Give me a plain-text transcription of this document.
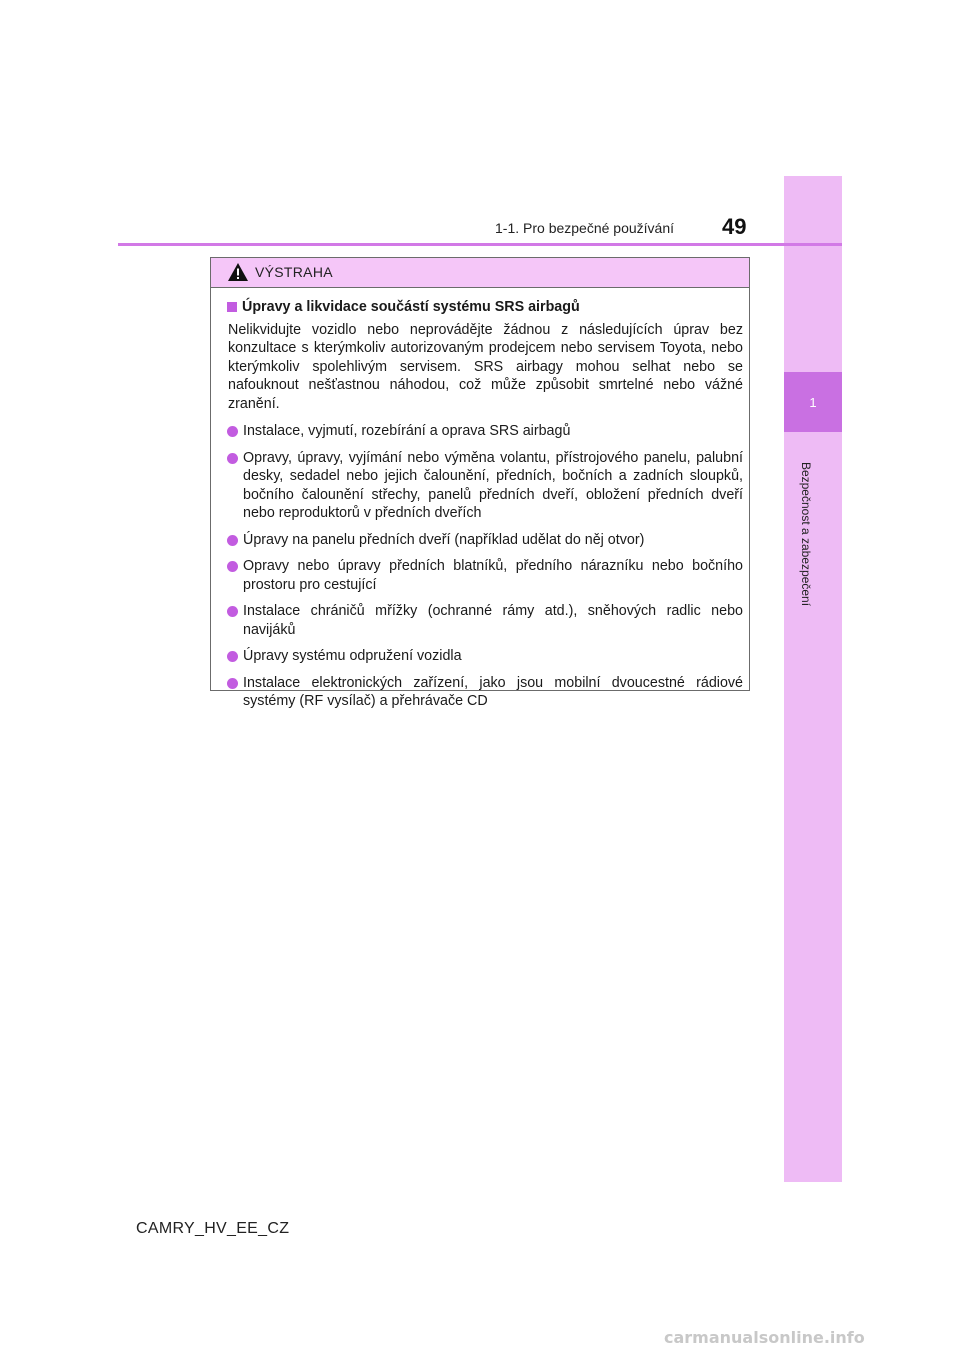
1
Bezpečnost a zabezpečení
1-1. Pro bezpečné používání 49
VÝSTRAHA
Úpravy a likvidace součástí systému SRS airbagů
Nelikvidujte vozidlo nebo neprovádějte žádnou z následujících úprav bez konzultace s kterýmkoliv autorizovaným prodejcem nebo servisem Toyota, nebo kterýmkoliv spolehlivým servisem. SRS airbagy mohou selhat nebo se nafouknout nešťastnou náhodou, což může způsobit smrtelné nebo vážné zranění.
Instalace, vyjmutí, rozebírání a oprava SRS airbagů
Opravy, úpravy, vyjímání nebo výměna volantu, přístrojového panelu, palubní desky, sedadel nebo jejich čalounění, předních, bočních a zadních sloupků, bočního čalounění střechy, panelů předních dveří, obložení předních dveří nebo reproduktorů v předních dveřích
Úpravy na panelu předních dveří (například udělat do něj otvor)
Opravy nebo úpravy předních blatníků, předního nárazníku nebo bočního prostoru pro cestující
Instalace chráničů mřížky (ochranné rámy atd.), sněhových radlic nebo navijáků
Úpravy systému odpružení vozidla
Instalace elektronických zařízení, jako jsou mobilní dvoucestné rádiové systémy (RF vysílač) a přehrávače CD
CAMRY_HV_EE_CZ
carmanualsonline.info
